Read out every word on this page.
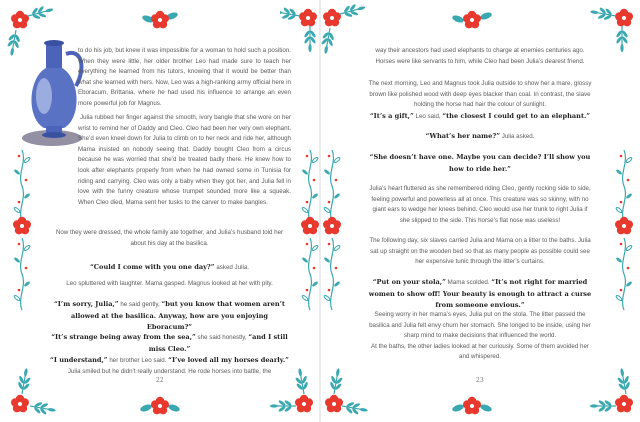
to do his job, but knew it was impossible for a woman to hold such a position. When they were little, her older brother Leo had made sure to teach her everything he learned from his tutors, knowing that it would be better than what she learned with hers. Now, Leo was a high-ranking army official here in Eboracum, Brittania, where he had used his influence to arrange an even more powerful job for Magnus.

Julia rubbed her finger against the smooth, ivory bangle that she wore on her wrist to remind her of Daddy and Cleo. Cleo had been her very own elephant. She’d even kneel down for Julia to climb on to her neck and ride her, although Mama insisted on nobody seeing that. Daddy bought Cleo from a circus because he was worried that she’d be treated badly there. He knew how to look after elephants properly from when he had owned some in Tunisia for riding and carrying. Cleo was only a baby when they got her, and Julia fell in love with the funny creature whose trumpet sounded more like a squeak. When Cleo died, Mama sent her tusks to the carver to make bangles.

Now they were dressed, the whole family ate together, and Julia’s husband told her about his day at the basilica.

“Could I come with you one day?” asked Julia.
Leo spluttered with laughter. Mama gasped. Magnus looked at her with pity.
“I’m sorry, Julia,” he said gently, “but you know that women aren’t allowed at the basilica. Anyway, how are you enjoying Eboracum?”
“It’s strange being away from the sea,” she said honestly, “and I still miss Cleo.”
“I understand,” her brother Leo said. “I’ve loved all my horses dearly.”
Julia smiled but he didn’t really understand. He rode horses into battle, the
22

way their ancestors had used elephants to charge at enemies centuries ago. Horses were like servants to him, while Cleo had been Julia’s dearest friend.

The next morning, Leo and Magnus took Julia outside to show her a mare, glossy brown like polished wood with deep eyes blacker than coal. In contrast, the slave holding the horse had hair the colour of sunlight.
“It’s a gift,” Leo said, “the closest I could get to an elephant.”
“What’s her name?” Julia asked.
“She doesn’t have one. Maybe you can decide? I’ll show you how to ride her.”

Julia’s heart fluttered as she remembered riding Cleo, gently rocking side to side, feeling powerful and powerless all at once. This creature was so skinny, with no giant ears to wedge her knees behind. Cleo would use her trunk to right Julia if she slipped to the side. This horse’s flat nose was useless!

The following day, six slaves carried Julia and Mama on a litter to the baths. Julia sat up straight on the wooden bed so that as many people as possible could see her expensive tunic through the litter’s curtains.

“Put on your stola,” Mama scolded. “It’s not right for married women to show off! Your beauty is enough to attract a curse from someone envious.”
Seeing worry in her mama’s eyes, Julia put on the stola. The litter passed the basilica and Julia felt envy churn her stomach. She longed to be inside, using her sharp mind to make decisions that influenced the world.
At the baths, the other ladies looked at her curiously. Some of them avoided her and whispered.
23
